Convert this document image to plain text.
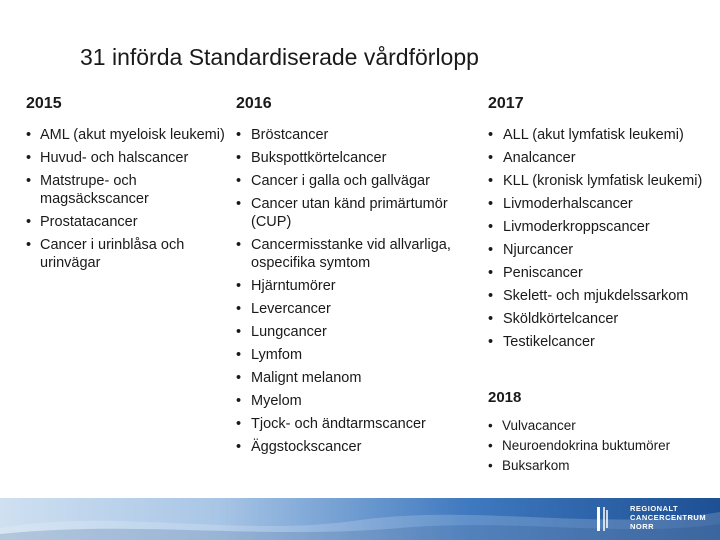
31 införda Standardiserade vårdförlopp
2015
• AML (akut myeloisk leukemi)
• Huvud- och halscancer
• Matstrupe- och magsäckscancer
• Prostatacancer
• Cancer i urinblåsa och urinvägar
2016
• Bröstcancer
• Bukspottkörtelcancer
• Cancer i galla och gallvägar
• Cancer utan känd primärtumör (CUP)
• Cancermisstanke vid allvarliga, ospecifika symtom
• Hjärntumörer
• Levercancer
• Lungcancer
• Lymfom
• Malignt melanom
• Myelom
• Tjock- och ändtarmscancer
• Äggstockscancer
2017
• ALL (akut lymfatisk leukemi)
• Analcancer
• KLL (kronisk lymfatisk leukemi)
• Livmoderhalscancer
• Livmoderkroppscancer
• Njurcancer
• Peniscancer
• Skelett- och mjukdelssarkom
• Sköldkörtelcancer
• Testikelcancer
2018
• Vulvacancer
• Neuroendokrina buktumörer
• Buksarkom
REGIONALT
CANCERCENTRUM
NORR
